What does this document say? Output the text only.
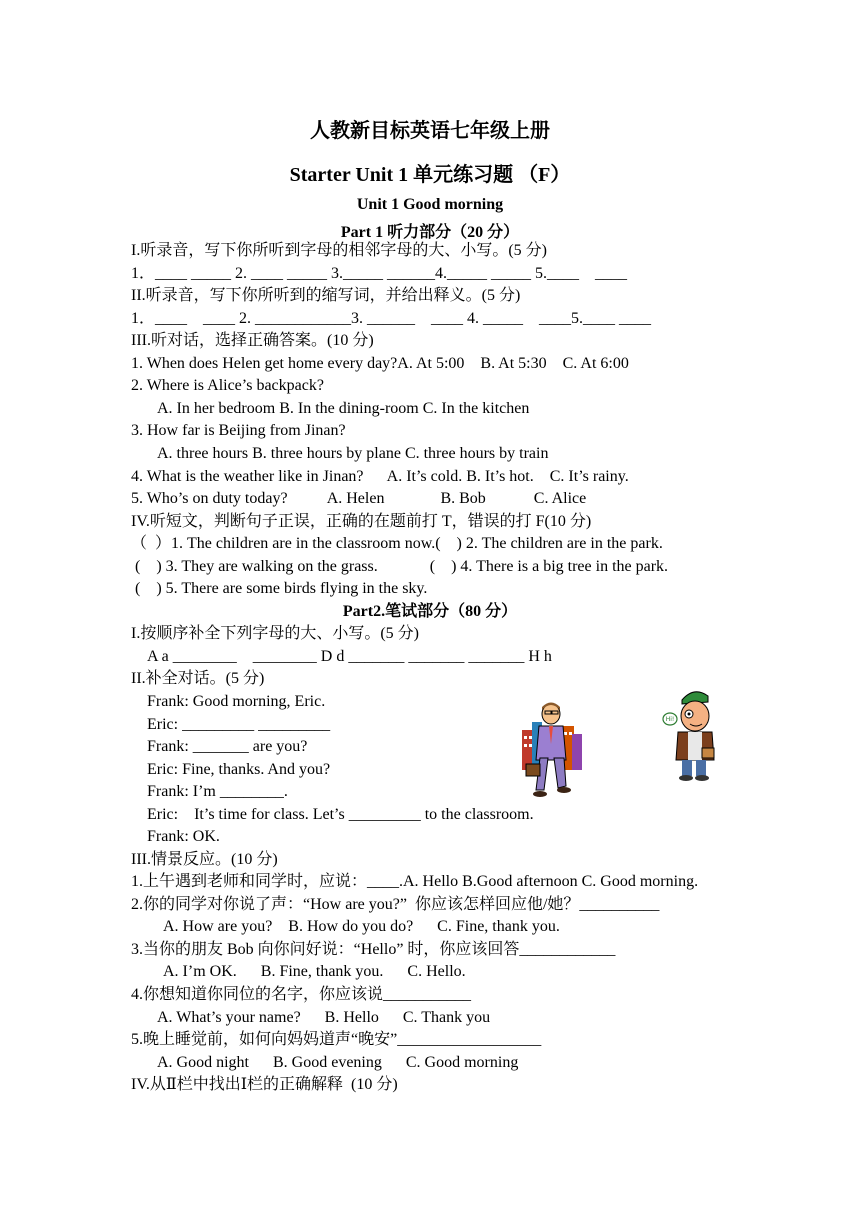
人教新目标英语七年级上册
Starter Unit 1 单元练习题 （F）
Unit 1 Good morning
Part 1 听力部分（20 分）
I.听录音，写下你所听到字母的相邻字母的大、小写。(5 分)
1．____ _____ 2. ____ _____ 3._____ ______4._____ _____ 5.____    ____
II.听录音，写下你所听到的缩写词，并给出释义。(5 分)
1．____    ____ 2. ____________3. ______    ____ 4. _____    ____5.____ ____
III.听对话，选择正确答案。(10 分)
1. When does Helen get home every day?A. At 5:00    B. At 5:30    C. At 6:00
2. Where is Alice’s backpack?
A. In her bedroom B. In the dining-room C. In the kitchen
3. How far is Beijing from Jinan?
A. three hours B. three hours by plane C. three hours by train
4. What is the weather like in Jinan?      A. It’s cold. B. It’s hot.    C. It’s rainy.
5. Who’s on duty today?          A. Helen              B. Bob            C. Alice
IV.听短文，判断句子正误，正确的在题前打 T，错误的打 F(10 分)
（  ）1. The children are in the classroom now.(    ) 2. The children are in the park.
(    ) 3. They are walking on the grass.             (    ) 4. There is a big tree in the park.
(    ) 5. There are some birds flying in the sky.
Part2.笔试部分（80 分）
I.按顺序补全下列字母的大、小写。(5 分)
A a ________    ________ D d _______ _______ _______ H h
II.补全对话。(5 分)
Frank: Good morning, Eric.
Eric: _________ _________
Frank: _______ are you?
Eric: Fine, thanks. And you?
Frank: I’m ________.
Eric:    It’s time for class. Let’s _________ to the classroom.
Frank: OK.
III.情景反应。(10 分)
1.上午遇到老师和同学时，应说：____.A. Hello B.Good afternoon C. Good morning.
2.你的同学对你说了声：“How are you?”  你应该怎样回应他/她？__________
A. How are you?    B. How do you do?      C. Fine, thank you.
3.当你的朋友 Bob 向你问好说：“Hello” 时，你应该回答____________
A. I’m OK.      B. Fine, thank you.      C. Hello.
4.你想知道你同位的名字，你应该说___________
A. What’s your name?      B. Hello      C. Thank you
5.晚上睡觉前，如何向妈妈道声“晚安”__________________
A. Good night      B. Good evening      C. Good morning
IV.从Ⅱ栏中找出Ⅰ栏的正确解释  (10 分)
Hi!
